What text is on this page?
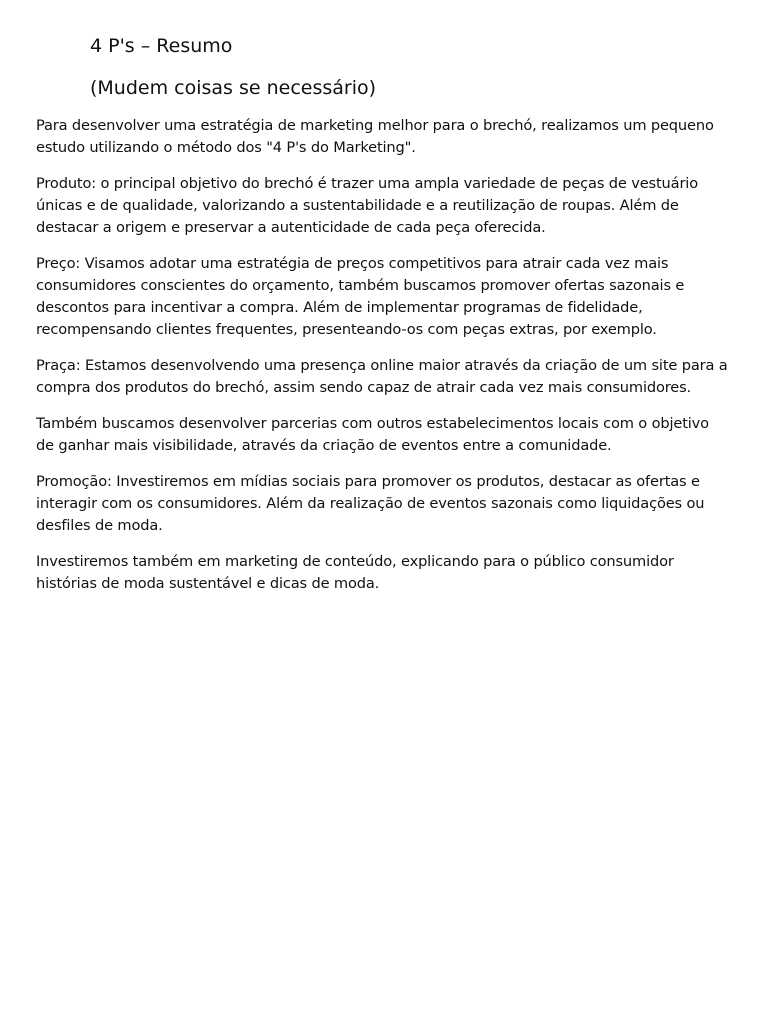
4 P's – Resumo
(Mudem coisas se necessário)

Para desenvolver uma estratégia de marketing melhor para o brechó, realizamos um pequeno estudo utilizando o método dos "4 P's do Marketing".

Produto: o principal objetivo do brechó é trazer uma ampla variedade de peças de vestuário únicas e de qualidade, valorizando a sustentabilidade e a reutilização de roupas. Além de destacar a origem e preservar a autenticidade de cada peça oferecida.

Preço: Visamos adotar uma estratégia de preços competitivos para atrair cada vez mais consumidores conscientes do orçamento, também buscamos promover ofertas sazonais e descontos para incentivar a compra. Além de implementar programas de fidelidade, recompensando clientes frequentes, presenteando-os com peças extras, por exemplo.

Praça: Estamos desenvolvendo uma presença online maior através da criação de um site para a compra dos produtos do brechó, assim sendo capaz de atrair cada vez mais consumidores.

Também buscamos desenvolver parcerias com outros estabelecimentos locais com o objetivo de ganhar mais visibilidade, através da criação de eventos entre a comunidade.

Promoção: Investiremos em mídias sociais para promover os produtos, destacar as ofertas e interagir com os consumidores. Além da realização de eventos sazonais como liquidações ou desfiles de moda.

Investiremos também em marketing de conteúdo, explicando para o público consumidor histórias de moda sustentável e dicas de moda.
